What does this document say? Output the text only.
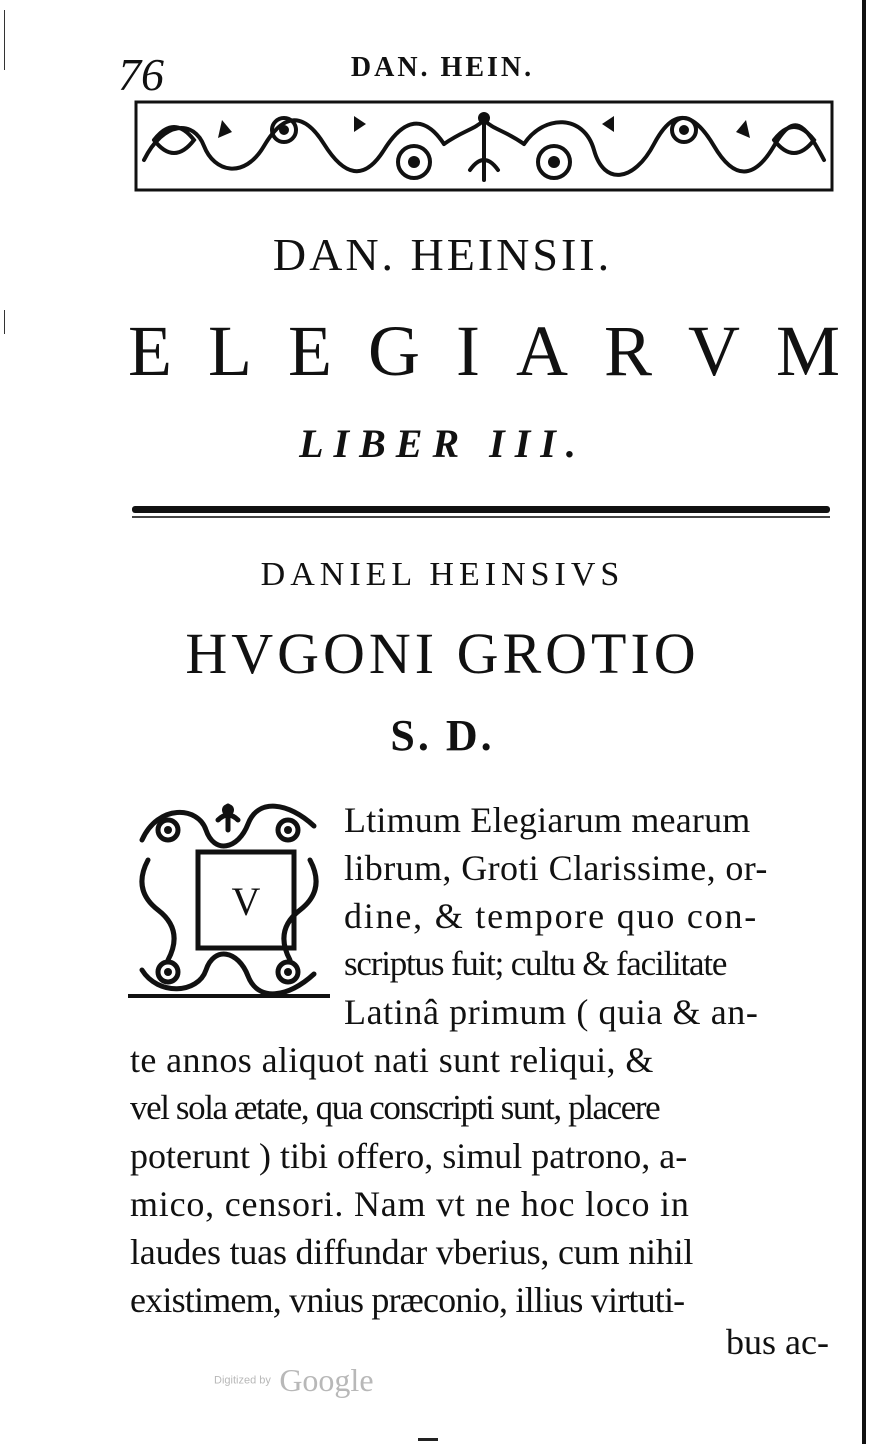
76	DAN. HEIN.
DAN. HEINSII.
E L E G I A R V M
LIBER III.
DANIEL HEINSIVS
HVGONI GROTIO
S. D.
V
Ltimum Elegiarum mearum
librum, Groti Clarissime, or-
dine, & tempore quo con-
scriptus fuit; cultu & facilitate
Latinâ primum ( quia & an-
te annos aliquot nati sunt reliqui, &
vel sola ætate, qua conscripti sunt, placere
poterunt ) tibi offero, simul patrono, a-
mico, censori. Nam vt ne hoc loco in
laudes tuas diffundar vberius, cum nihil
existimem, vnius præconio, illius virtuti-
bus ac-
Digitized by Google
